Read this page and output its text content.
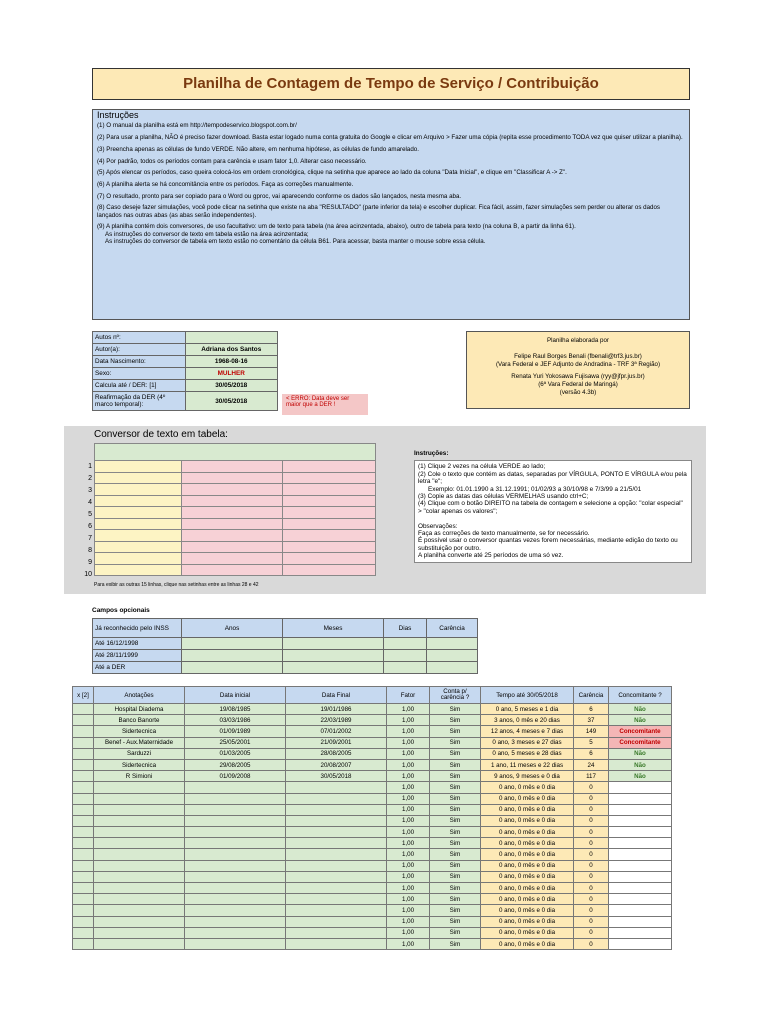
Planilha de Contagem de Tempo de Serviço / Contribuição
Instruções

(1) O manual da planilha está em http://tempodeservico.blogspot.com.br/

(2) Para usar a planilha, NÃO é preciso fazer download. Basta estar logado numa conta gratuita do Google e clicar em Arquivo > Fazer uma cópia (repita esse procedimento TODA vez que quiser utilizar a planilha).

(3) Preencha apenas as células de fundo VERDE. Não altere, em nenhuma hipótese, as células de fundo amarelado.

(4) Por padrão, todos os períodos contam para carência e usam fator 1,0. Alterar caso necessário.

(5) Após elencar os períodos, caso queira colocá-los em ordem cronológica, clique na setinha que aparece ao lado da coluna "Data Inicial", e clique em "Classificar A -> Z".

(6) A planilha alerta se há concomitância entre os períodos. Faça as correções manualmente.

(7) O resultado, pronto para ser copiado para o Word ou gproc, vai aparecendo conforme os dados são lançados, nesta mesma aba.

(8) Caso deseje fazer simulações, você pode clicar na setinha que existe na aba "RESULTADO" (parte inferior da tela) e escolher duplicar. Fica fácil, assim, fazer simulações sem perder ou alterar os dados lançados nas outras abas (as abas serão independentes).

(9) A planilha contém dois conversores, de uso facultativo: um de texto para tabela (na área acinzentada, abaixo), outro de tabela para texto (na coluna B, a partir da linha 61).

As instruções do conversor de texto em tabela estão na área acinzentada;

As instruções do conversor de tabela em texto estão no comentário da célula B61. Para acessar, basta manter o mouse sobre essa célula.

Autos nº:		
Autor(a):	Adriana dos Santos	
Data Nascimento:	1968-08-16	
Sexo:	MULHER	
Calcula até / DER: [1]	30/05/2018	
Reafirmação da DER (4º marco temporal):	30/05/2018		< ERRO: Data deve ser maior que a DER !

Planilha elaborada por

Felipe Raul Borges Benali (fbenali@trf3.jus.br)

(Vara Federal e JEF Adjunto de Andradina - TRF 3ª Região)

Renata Yuri Yokosawa Fujisawa (ryy@jfpr.jus.br)

(6ª Vara Federal de Maringá)

(versão 4.3b)

Conversor de texto em tabela:
1
2
3
4
5
6
7
8
9
10

Para exibir as outras 15 linhas, clique nas setinhas entre as linhas 28 e 42

Instruções:

(1) Clique 2 vezes na célula VERDE ao lado;

(2) Cole o texto que contém as datas, separadas por VÍRGULA, PONTO E VÍRGULA e/ou pela letra "e";

Exemplo: 01.01.1990 a 31.12.1991; 01/02/93 a 30/10/98 e 7/3/99 a 21/5/01

(3) Copie as datas das células VERMELHAS usando ctrl+C;

(4) Clique com o botão DIREITO na tabela de contagem e selecione a opção: "colar especial" > "colar apenas os valores";

Observações:

Faça as correções de texto manualmente, se for necessário.

É possível usar o conversor quantas vezes forem necessárias, mediante edição do texto ou substituição por outro.

A planilha converte até 25 períodos de uma só vez.

Campos opcionais
Já reconhecido pelo INSS	Anos	Meses	Dias	Carência
Até 16/12/1998				
Até 28/11/1999				
Até a DER				
x [2]	Anotações	Data inicial	Data Final	Fator	Conta p/ carência ?	Tempo até 30/05/2018	Carência	Concomitante ?
	Hospital Diadema	19/08/1985	19/01/1986	1,00	Sim	0 ano, 5 meses e 1 dia	6	Não
	Banco Banorte	03/03/1986	22/03/1989	1,00	Sim	3 anos, 0 mês e 20 dias	37	Não
	Sidertecnica	01/09/1989	07/01/2002	1,00	Sim	12 anos, 4 meses e 7 dias	149	Concomitante
	Benef - Aux.Maternidade	25/05/2001	21/09/2001	1,00	Sim	0 ano, 3 meses e 27 dias	5	Concomitante
	Sarduzzi	01/03/2005	28/08/2005	1,00	Sim	0 ano, 5 meses e 28 dias	6	Não
	Sidertecnica	29/08/2005	20/08/2007	1,00	Sim	1 ano, 11 meses e 22 dias	24	Não
	R Simioni	01/09/2008	30/05/2018	1,00	Sim	9 anos, 9 meses e 0 dia	117	Não
				1,00	Sim	0 ano, 0 mês e 0 dia	0	
				1,00	Sim	0 ano, 0 mês e 0 dia	0	
				1,00	Sim	0 ano, 0 mês e 0 dia	0	
				1,00	Sim	0 ano, 0 mês e 0 dia	0	
				1,00	Sim	0 ano, 0 mês e 0 dia	0	
				1,00	Sim	0 ano, 0 mês e 0 dia	0	
				1,00	Sim	0 ano, 0 mês e 0 dia	0	
				1,00	Sim	0 ano, 0 mês e 0 dia	0	
				1,00	Sim	0 ano, 0 mês e 0 dia	0	
				1,00	Sim	0 ano, 0 mês e 0 dia	0	
				1,00	Sim	0 ano, 0 mês e 0 dia	0	
				1,00	Sim	0 ano, 0 mês e 0 dia	0	
				1,00	Sim	0 ano, 0 mês e 0 dia	0	
				1,00	Sim	0 ano, 0 mês e 0 dia	0	
				1,00	Sim	0 ano, 0 mês e 0 dia	0	
